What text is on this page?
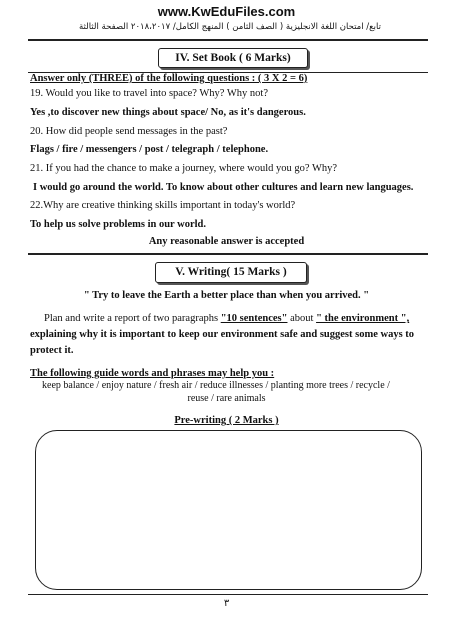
www.KwEduFiles.com
تابع/ امتحان اللغة الانجليزية ( الصف الثامن ) المنهج الكامل/ ٢٠١٨،٢٠١٧ الصفحة الثالثة
IV. Set Book ( 6 Marks)
Answer only (THREE) of the following questions : ( 3 X 2 = 6)
19. Would you like to travel into space? Why? Why not?
Yes ,to discover new things about space/ No, as it's dangerous.
20. How did people send messages in the past?
Flags / fire / messengers / post / telegraph / telephone.
21. If you had the chance to make a journey, where would you go? Why?
I would go around the world. To know about other cultures and learn new languages.
22.Why are creative thinking skills important in today's world?
To help us solve problems in our world.
Any reasonable answer is accepted
V. Writing( 15 Marks )
" Try to leave the Earth a better place than when you arrived. "
Plan and write a report of two paragraphs "10 sentences" about " the environment ",
explaining why it is important to keep our environment safe and suggest some ways to
protect it.
The following guide words and phrases may help you :
keep balance / enjoy nature / fresh air / reduce illnesses / planting more trees / recycle /
reuse / rare animals
Pre-writing ( 2 Marks )
٣
